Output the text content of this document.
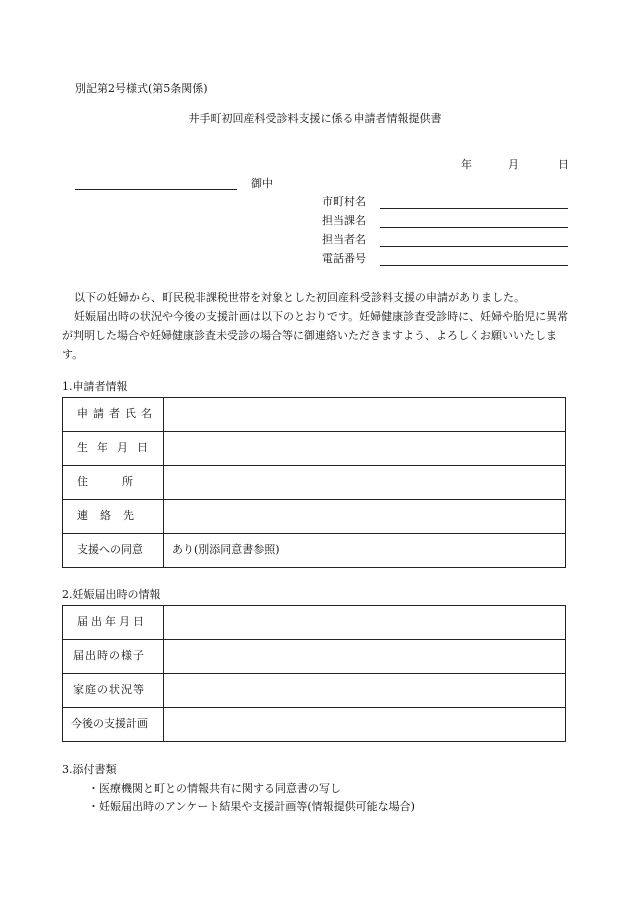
別記第2号様式(第5条関係)
井手町初回産科受診料支援に係る申請者情報提供書
年	月	日
御中
市町村名
担当課名
担当者名
電話番号

以下の妊婦から、町民税非課税世帯を対象とした初回産科受診料支援の申請がありました。

妊娠届出時の状況や今後の支援計画は以下のとおりです。妊婦健康診査受診時に、妊婦や胎児に異常が判明した場合や妊婦健康診査未受診の場合等に御連絡いただきますよう、よろしくお願いいたします。

1.申請者情報
申請者氏名	
生年月日	
住　　所	
連絡先	
支援への同意	あり(別添同意書参照)
2.妊娠届出時の情報
届出年月日	
届出時の様子	
家庭の状況等	
今後の支援計画	
3.添付書類
・医療機関と町との情報共有に関する同意書の写し
・妊娠届出時のアンケート結果や支援計画等(情報提供可能な場合)
